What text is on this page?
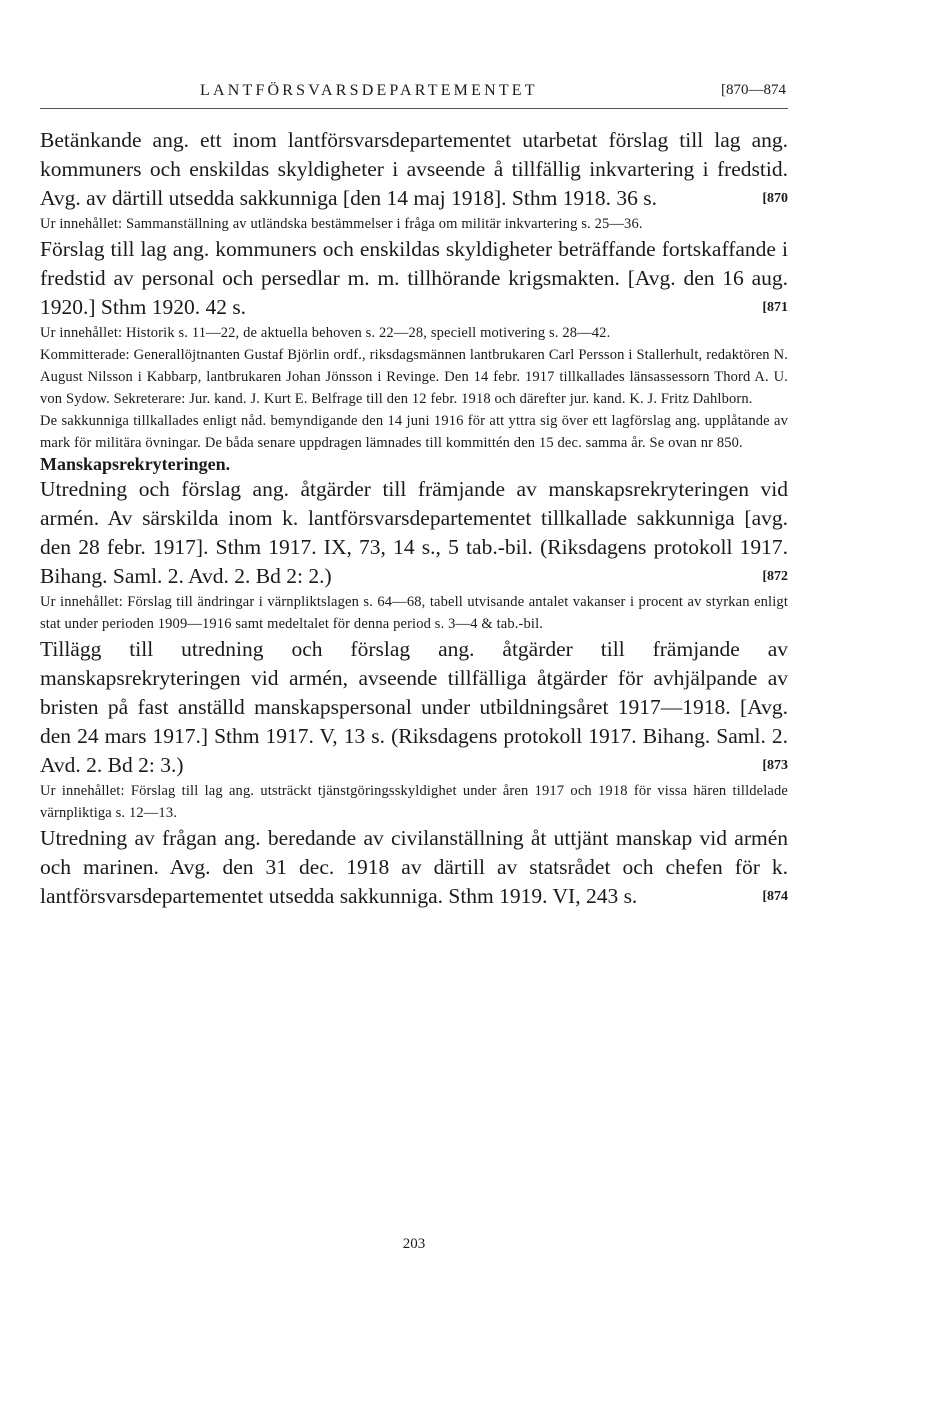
LANTFÖRSVARSDEPARTEMENTET	[870—874

Betänkande ang. ett inom lantförsvarsdepartementet utarbetat förslag till lag ang. kommuners och enskildas skyldigheter i avseende å tillfällig inkvartering i fredstid. Avg. av därtill utsedda sakkunniga [den 14 maj 1918]. Sthm 1918. 36 s.	[870

Ur innehållet: Sammanställning av utländska bestämmelser i fråga om militär inkvartering s. 25—36.

Förslag till lag ang. kommuners och enskildas skyldigheter beträffande fortskaffande i fredstid av personal och persedlar m. m. tillhörande krigsmakten. [Avg. den 16 aug. 1920.] Sthm 1920. 42 s.	[871

Ur innehållet: Historik s. 11—22, de aktuella behoven s. 22—28, speciell motivering s. 28—42.

Kommitterade: Generallöjtnanten Gustaf Björlin ordf., riksdagsmännen lantbrukaren Carl Persson i Stallerhult, redaktören N. August Nilsson i Kabbarp, lantbrukaren Johan Jönsson i Revinge. Den 14 febr. 1917 tillkallades länsassessorn Thord A. U. von Sydow. Sekreterare: Jur. kand. J. Kurt E. Belfrage till den 12 febr. 1918 och därefter jur. kand. K. J. Fritz Dahlborn.

De sakkunniga tillkallades enligt nåd. bemyndigande den 14 juni 1916 för att yttra sig över ett lagförslag ang. upplåtande av mark för militära övningar. De båda senare uppdragen lämnades till kommittén den 15 dec. samma år. Se ovan nr 850.

Manskapsrekryteringen.

Utredning och förslag ang. åtgärder till främjande av manskapsrekryteringen vid armén. Av särskilda inom k. lantförsvarsdepartementet tillkallade sakkunniga [avg. den 28 febr. 1917]. Sthm 1917. IX, 73, 14 s., 5 tab.-bil. (Riksdagens protokoll 1917. Bihang. Saml. 2. Avd. 2. Bd 2: 2.)	[872

Ur innehållet: Förslag till ändringar i värnpliktslagen s. 64—68, tabell utvisande antalet vakanser i procent av styrkan enligt stat under perioden 1909—1916 samt medeltalet för denna period s. 3—4 & tab.-bil.

Tillägg till utredning och förslag ang. åtgärder till främjande av manskapsrekryteringen vid armén, avseende tillfälliga åtgärder för avhjälpande av bristen på fast anställd manskapspersonal under utbildningsåret 1917—1918. [Avg. den 24 mars 1917.] Sthm 1917. V, 13 s. (Riksdagens protokoll 1917. Bihang. Saml. 2. Avd. 2. Bd 2: 3.)	[873

Ur innehållet: Förslag till lag ang. utsträckt tjänstgöringsskyldighet under åren 1917 och 1918 för vissa hären tilldelade värnpliktiga s. 12—13.

Utredning av frågan ang. beredande av civilanställning åt uttjänt manskap vid armén och marinen. Avg. den 31 dec. 1918 av därtill av statsrådet och chefen för k. lantförsvarsdepartementet utsedda sakkunniga. Sthm 1919. VI, 243 s.	[874

203
